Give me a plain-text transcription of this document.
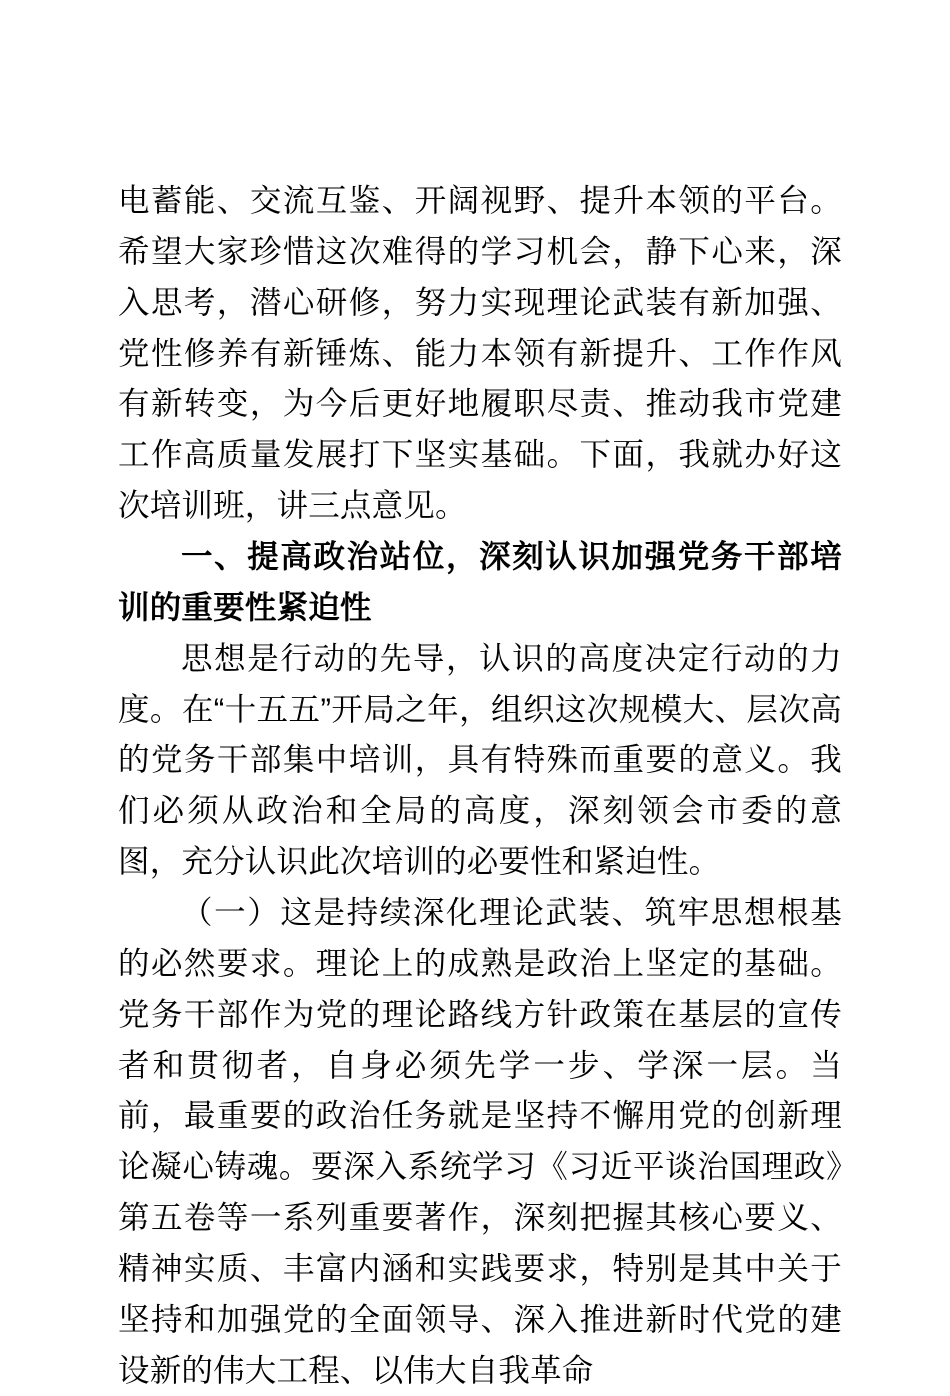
电蓄能、交流互鉴、开阔视野、提升本领的平台。希望大家珍惜这次难得的学习机会，静下心来，深入思考，潜心研修，努力实现理论武装有新加强、党性修养有新锤炼、能力本领有新提升、工作作风有新转变，为今后更好地履职尽责、推动我市党建工作高质量发展打下坚实基础。下面，我就办好这次培训班，讲三点意见。

一、提高政治站位，深刻认识加强党务干部培训的重要性紧迫性

思想是行动的先导，认识的高度决定行动的力度。在“十五五”开局之年，组织这次规模大、层次高的党务干部集中培训，具有特殊而重要的意义。我们必须从政治和全局的高度，深刻领会市委的意图，充分认识此次培训的必要性和紧迫性。

（一）这是持续深化理论武装、筑牢思想根基的必然要求。理论上的成熟是政治上坚定的基础。党务干部作为党的理论路线方针政策在基层的宣传者和贯彻者，自身必须先学一步、学深一层。当前，最重要的政治任务就是坚持不懈用党的创新理论凝心铸魂。要深入系统学习《习近平谈治国理政》第五卷等一系列重要著作，深刻把握其核心要义、精神实质、丰富内涵和实践要求，特别是其中关于坚持和加强党的全面领导、深入推进新时代党的建设新的伟大工程、以伟大自我革命
